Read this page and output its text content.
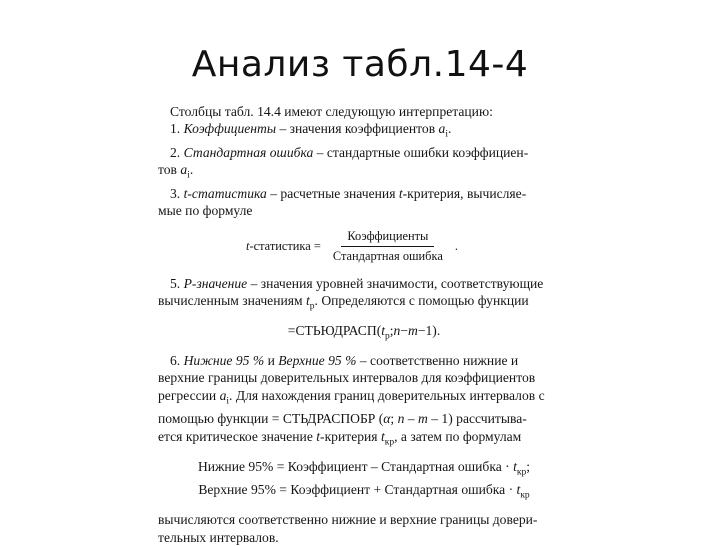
Анализ табл.14-4
Столбцы табл. 14.4 имеют следующую интерпретацию:
1. Коэффициенты – значения коэффициентов $a_i$.
2. Стандартная ошибка – стандартные ошибки коэффициен-
тов $a_i$.
3. t-статистика – расчетные значения t-критерия, вычисляе-
мые по формуле
t-статистика = $\frac{\text{Коэффициенты}}{\text{Стандартная ошибка}}$ .
5. P-значение – значения уровней значимости, соответствующие
вычисленным значениям $t_p$. Определяются с помощью функции
$=СТЬЮДРАСП(t_p;n-m-1)$.
6. Нижние 95 % и Верхние 95 % – соответственно нижние и
верхние границы доверительных интервалов для коэффициентов
регрессии $a_i$. Для нахождения границ доверительных интервалов с
помощью функции = СТЬДРАСПОБР (α; n – m – 1) рассчитыва-
ется критическое значение t-критерия $t_{кр}$, а затем по формулам
Нижние 95% = Коэффициент – Стандартная ошибка · $t_{кр}$;
Верхние 95% = Коэффициент + Стандартная ошибка · $t_{кр}$
вычисляются соответственно нижние и верхние границы довери-
тельных интервалов.
